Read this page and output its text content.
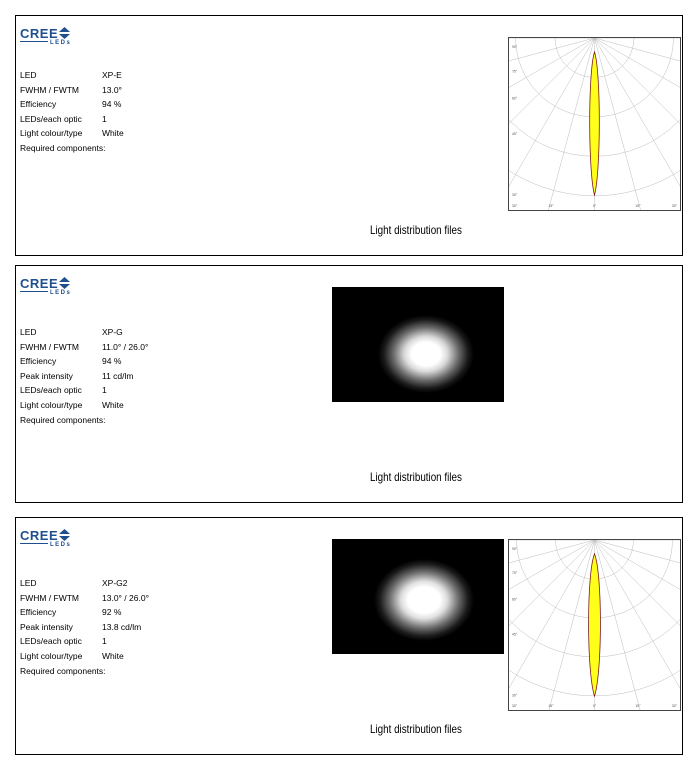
CREE
LEDs
LED	XP-E
FWHM / FWTM	13.0°
Efficiency	94 %
LEDs/each optic 1
Light colour/type White
Required components:
90°
75°
60°
45°
30°
15°	0°	15°	30°
30°
Light distribution files
CREE
LEDs
LED	XP-G
FWHM / FWTM	11.0° / 26.0°
Efficiency	94 %
Peak intensity	11 cd/lm
LEDs/each optic 1
Light colour/type White
Required components:
Light distribution files
CREE
LEDs
LED	XP-G2
FWHM / FWTM	13.0° / 26.0°
Efficiency	92 %
Peak intensity	13.8 cd/lm
LEDs/each optic 1
Light colour/type White
Required components:
90°
75°
60°
45°
30°
15°	0°	15°	30°
30°
Light distribution files
